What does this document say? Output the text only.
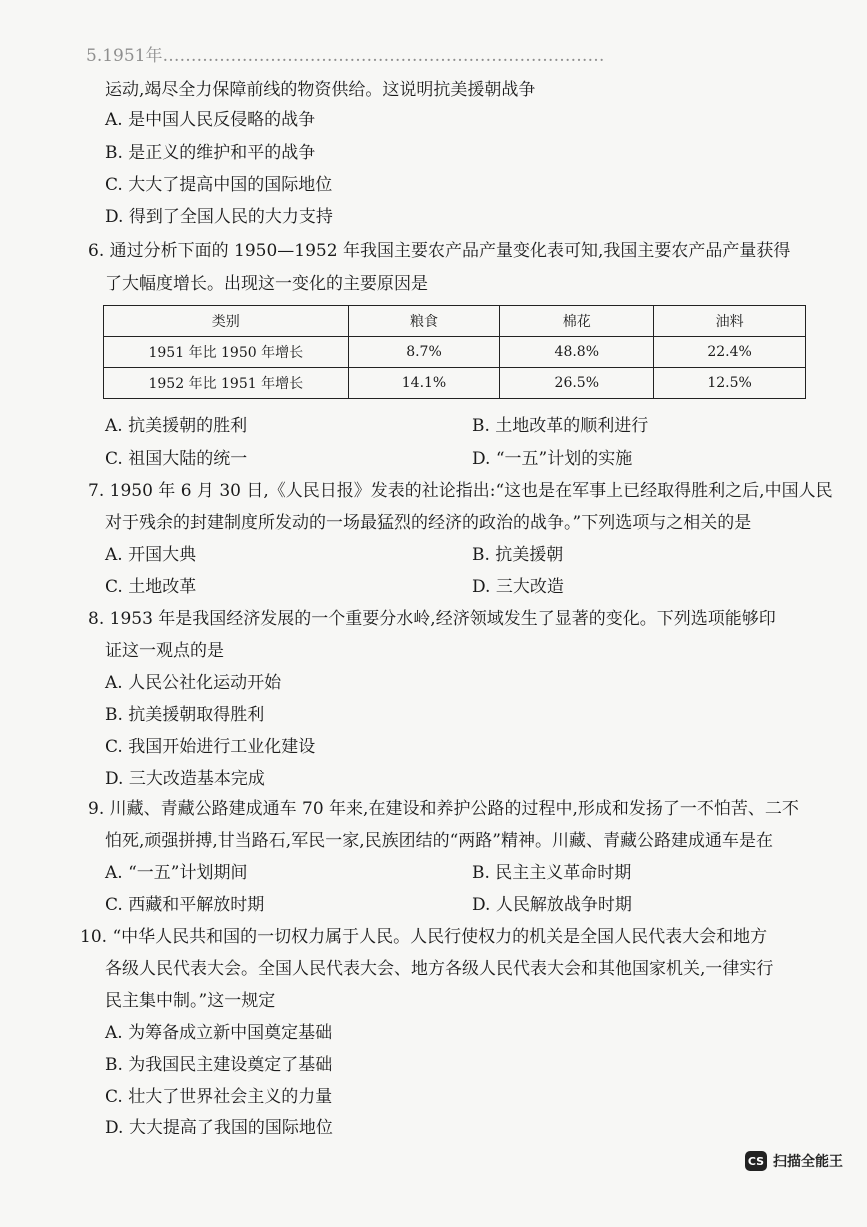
5.1951年……………………………………………………………………
运动,竭尽全力保障前线的物资供给。这说明抗美援朝战争
A. 是中国人民反侵略的战争
B. 是正义的维护和平的战争
C. 大大了提高中国的国际地位
D. 得到了全国人民的大力支持
6. 通过分析下面的 1950—1952 年我国主要农产品产量变化表可知,我国主要农产品产量获得
了大幅度增长。出现这一变化的主要原因是
类别	粮食	棉花	油料
1951 年比 1950 年增长	8.7%	48.8%	22.4%
1952 年比 1951 年增长	14.1%	26.5%	12.5%
A. 抗美援朝的胜利	B. 土地改革的顺利进行
C. 祖国大陆的统一	D. “一五”计划的实施
7. 1950 年 6 月 30 日,《人民日报》发表的社论指出:“这也是在军事上已经取得胜利之后,中国人民
对于残余的封建制度所发动的一场最猛烈的经济的政治的战争。”下列选项与之相关的是
A. 开国大典	B. 抗美援朝
C. 土地改革	D. 三大改造
8. 1953 年是我国经济发展的一个重要分水岭,经济领域发生了显著的变化。下列选项能够印
证这一观点的是
A. 人民公社化运动开始
B. 抗美援朝取得胜利
C. 我国开始进行工业化建设
D. 三大改造基本完成
9. 川藏、青藏公路建成通车 70 年来,在建设和养护公路的过程中,形成和发扬了一不怕苦、二不
怕死,顽强拼搏,甘当路石,军民一家,民族团结的“两路”精神。川藏、青藏公路建成通车是在
A. “一五”计划期间	B. 民主主义革命时期
C. 西藏和平解放时期	D. 人民解放战争时期
10. “中华人民共和国的一切权力属于人民。人民行使权力的机关是全国人民代表大会和地方
各级人民代表大会。全国人民代表大会、地方各级人民代表大会和其他国家机关,一律实行
民主集中制。”这一规定
A. 为筹备成立新中国奠定基础
B. 为我国民主建设奠定了基础
C. 壮大了世界社会主义的力量
D. 大大提高了我国的国际地位
CS 扫描全能王
